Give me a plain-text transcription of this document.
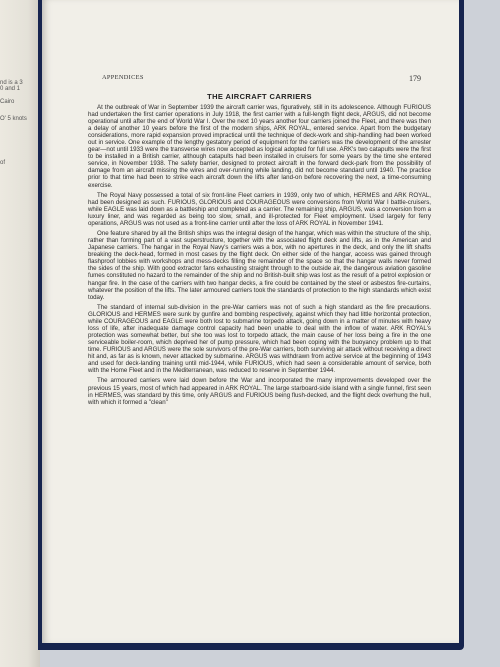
nd is a 3
0 and 1
Cairo
O' 5 knots
of
APPENDICES	179
THE AIRCRAFT CARRIERS

At the outbreak of War in September 1939 the aircraft carrier was, figuratively, still in its adolescence. Although FURIOUS had undertaken the first carrier operations in July 1918, the first carrier with a full-length flight deck, ARGUS, did not become operational until after the end of World War I. Over the next 10 years another four carriers joined the Fleet, and there was then a delay of another 10 years before the first of the modern ships, ARK ROYAL, entered service. Apart from the budgetary considerations, more rapid expansion proved impractical until the technique of deck-work and ship-handling had been worked out in service. One example of the lengthy gestatory period of equipment for the carriers was the development of the arrester gear—not until 1933 were the transverse wires now accepted as logical adopted for full use. ARK's two catapults were the first to be installed in a British carrier, although catapults had been installed in cruisers for some years by the time she entered service, in November 1938. The safety barrier, designed to protect aircraft in the forward deck-park from the possibility of damage from an aircraft missing the wires and over-running while landing, did not become standard until 1940. The practice prior to that time had been to strike each aircraft down the lifts after land-on before recovering the next, a time-consuming exercise.

The Royal Navy possessed a total of six front-line Fleet carriers in 1939, only two of which, HERMES and ARK ROYAL, had been designed as such. FURIOUS, GLORIOUS and COURAGEOUS were conversions from World War I battle-cruisers, while EAGLE was laid down as a battleship and completed as a carrier. The remaining ship, ARGUS, was a conversion from a luxury liner, and was regarded as being too slow, small, and ill-protected for Fleet employment. Used largely for ferry operations, ARGUS was not used as a front-line carrier until after the loss of ARK ROYAL in November 1941.

One feature shared by all the British ships was the integral design of the hangar, which was within the structure of the ship, rather than forming part of a vast superstructure, together with the associated flight deck and lifts, as in the American and Japanese carriers. The hangar in the Royal Navy's carriers was a box, with no apertures in the deck, and only the lift shafts breaking the deck-head, formed in most cases by the flight deck. On either side of the hangar, access was gained through flashproof lobbies with workshops and mess-decks filling the remainder of the space so that the hangar walls never formed the sides of the ship. With good extractor fans exhausting straight through to the outside air, the dangerous aviation gasoline fumes constituted no hazard to the remainder of the ship and no British-built ship was lost as the result of a petrol explosion or hangar fire. In the case of the carriers with two hangar decks, a fire could be contained by the steel or asbestos fire-curtains, whatever the position of the lifts. The later armoured carriers took the standards of protection to the high standards which exist today.

The standard of internal sub-division in the pre-War carriers was not of such a high standard as the fire precautions. GLORIOUS and HERMES were sunk by gunfire and bombing respectively, against which they had little horizontal protection, while COURAGEOUS and EAGLE were both lost to submarine torpedo attack, going down in a matter of minutes with heavy loss of life, after inadequate damage control capacity had been unable to deal with the inflow of water. ARK ROYAL's protection was somewhat better, but she too was lost to torpedo attack, the main cause of her loss being a fire in the one serviceable boiler-room, which deprived her of pump pressure, which had been coping with the buoyancy problem up to that time. FURIOUS and ARGUS were the sole survivors of the pre-War carriers, both surviving air attack without receiving a direct hit and, as far as is known, never attacked by submarine. ARGUS was withdrawn from active service at the beginning of 1943 and used for deck-landing training until mid-1944, while FURIOUS, which had seen a considerable amount of service, both with the Home Fleet and in the Mediterranean, was reduced to reserve in September 1944.

The armoured carriers were laid down before the War and incorporated the many improvements developed over the previous 15 years, most of which had appeared in ARK ROYAL. The large starboard-side island with a single funnel, first seen in HERMES, was standard by this time, only ARGUS and FURIOUS being flush-decked, and the flight deck overhung the hull, with which it formed a "clean"
